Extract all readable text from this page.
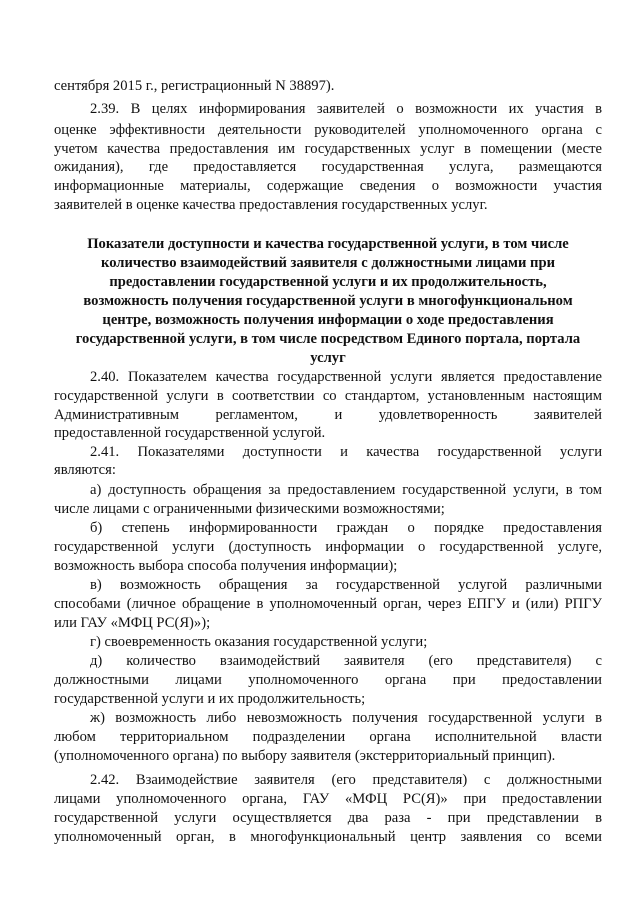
сентября 2015 г., регистрационный N 38897).
2.39. В целях информирования заявителей о возможности их участия в
оценке эффективности деятельности руководителей уполномоченного органа с
учетом качества предоставления им государственных услуг в помещении (месте
ожидания), где предоставляется государственная услуга, размещаются
информационные материалы, содержащие сведения о возможности участия
заявителей в оценке качества предоставления государственных услуг.
Показатели доступности и качества государственной услуги, в том числе
количество взаимодействий заявителя с должностными лицами при
предоставлении государственной услуги и их продолжительность,
возможность получения государственной услуги в многофункциональном
центре, возможность получения информации о ходе предоставления
государственной услуги, в том числе посредством Единого портала, портала
услуг
2.40. Показателем качества государственной услуги является предоставление
государственной услуги в соответствии со стандартом, установленным настоящим
Административным регламентом, и удовлетворенность заявителей
предоставленной государственной услугой.
2.41. Показателями доступности и качества государственной услуги
являются:
а) доступность обращения за предоставлением государственной услуги, в том
числе лицами с ограниченными физическими возможностями;
б) степень информированности граждан о порядке предоставления
государственной услуги (доступность информации о государственной услуге,
возможность выбора способа получения информации);
в) возможность обращения за государственной услугой различными
способами (личное обращение в уполномоченный орган, через ЕПГУ и (или) РПГУ
или ГАУ «МФЦ РС(Я)»);
г) своевременность оказания государственной услуги;
д) количество взаимодействий заявителя (его представителя) с
должностными лицами уполномоченного органа при предоставлении
государственной услуги и их продолжительность;
ж) возможность либо невозможность получения государственной услуги в
любом территориальном подразделении органа исполнительной власти
(уполномоченного органа) по выбору заявителя (экстерриториальный принцип).
2.42. Взаимодействие заявителя (его представителя) с должностными
лицами уполномоченного органа, ГАУ «МФЦ РС(Я)» при предоставлении
государственной услуги осуществляется два раза - при представлении в
уполномоченный орган, в многофункциональный центр заявления со всеми
